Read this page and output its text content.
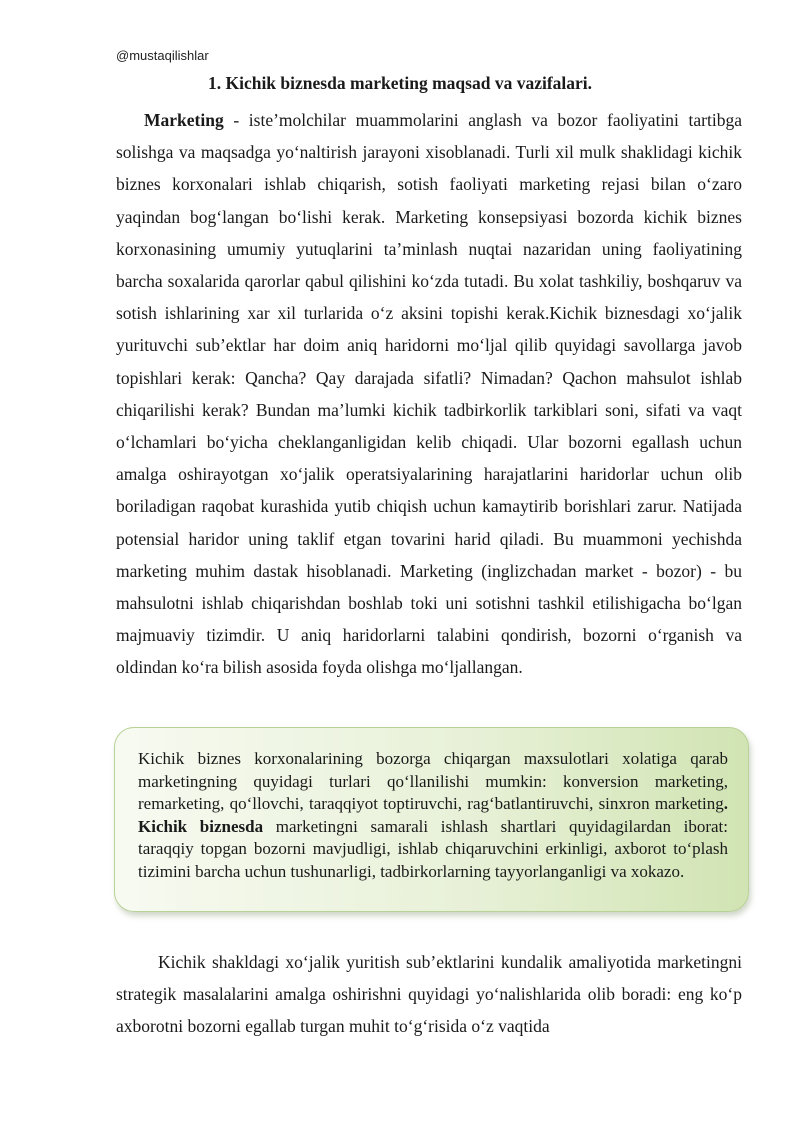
@mustaqilishlar
1. Kichik biznesda marketing maqsad va vazifalari.

Marketing - iste’molchilar muammolarini anglash va bozor faoliyatini tartibga solishga va maqsadga yo‘naltirish jarayoni xisoblanadi. Turli xil mulk shaklidagi kichik biznes korxonalari ishlab chiqarish, sotish faoliyati marketing rejasi bilan o‘zaro yaqindan bog‘langan bo‘lishi kerak. Marketing konsepsiyasi bozorda kichik biznes korxonasining umumiy yutuqlarini ta’minlash nuqtai nazaridan uning faoliyatining barcha soxalarida qarorlar qabul qilishini ko‘zda tutadi. Bu xolat tashkiliy, boshqaruv va sotish ishlarining xar xil turlarida o‘z aksini topishi kerak.Kichik biznesdagi xo‘jalik yurituvchi sub’ektlar har doim aniq haridorni mo‘ljal qilib quyidagi savollarga javob topishlari kerak: Qancha? Qay darajada sifatli? Nimadan? Qachon mahsulot ishlab chiqarilishi kerak? Bundan ma’lumki kichik tadbirkorlik tarkiblari soni, sifati va vaqt o‘lchamlari bo‘yicha cheklanganligidan kelib chiqadi. Ular bozorni egallash uchun amalga oshirayotgan xo‘jalik operatsiyalarining harajatlarini haridorlar uchun olib boriladigan raqobat kurashida yutib chiqish uchun kamaytirib borishlari zarur. Natijada potensial haridor uning taklif etgan tovarini harid qiladi. Bu muammoni yechishda marketing muhim dastak hisoblanadi. Marketing (inglizchadan market - bozor) - bu mahsulotni ishlab chiqarishdan boshlab toki uni sotishni tashkil etilishigacha bo‘lgan majmuaviy tizimdir. U aniq haridorlarni talabini qondirish, bozorni o‘rganish va oldindan ko‘ra bilish asosida foyda olishga mo‘ljallangan.

Kichik biznes korxonalarining bozorga chiqargan maxsulotlari xolatiga qarab marketingning quyidagi turlari qo‘llanilishi mumkin: konversion marketing, remarketing, qo‘llovchi, taraqqiyot toptiruvchi, rag‘batlantiruvchi, sinxron marketing. Kichik biznesda marketingni samarali ishlash shartlari quyidagilardan iborat: taraqqiy topgan bozorni mavjudligi, ishlab chiqaruvchini erkinligi, axborot to‘plash tizimini barcha uchun tushunarligi, tadbirkorlarning tayyorlanganligi va xokazo.

Kichik shakldagi xo‘jalik yuritish sub’ektlarini kundalik amaliyotida marketingni strategik masalalarini amalga oshirishni quyidagi yo‘nalishlarida olib boradi: eng ko‘p axborotni bozorni egallab turgan muhit to‘g‘risida o‘z vaqtida
